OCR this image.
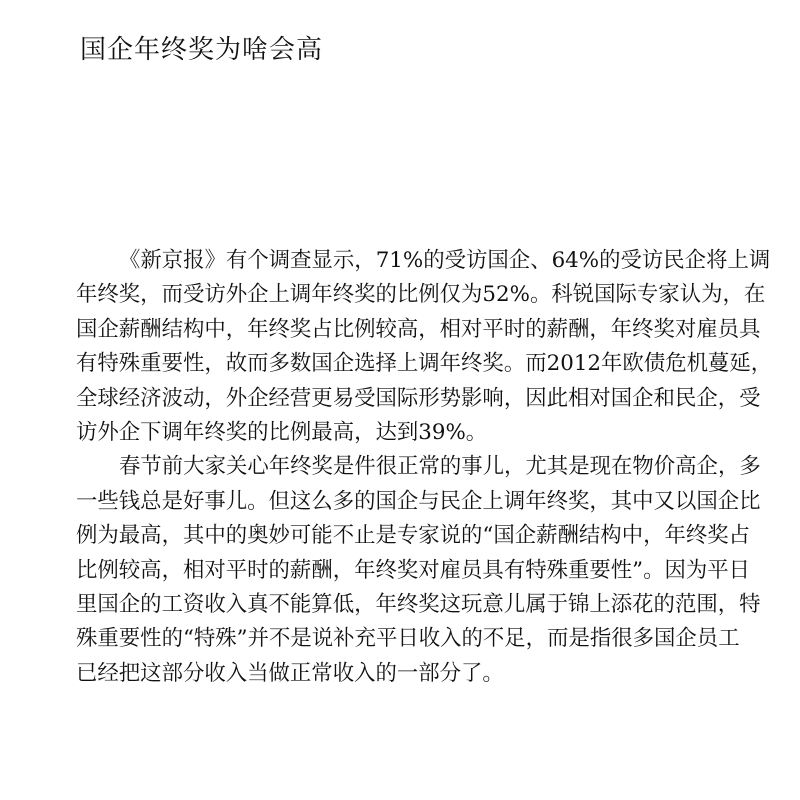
国企年终奖为啥会高
《新京报》有个调查显示，71%的受访国企、64%的受访民企将上调
年终奖，而受访外企上调年终奖的比例仅为52%。科锐国际专家认为，在
国企薪酬结构中，年终奖占比例较高，相对平时的薪酬，年终奖对雇员具
有特殊重要性，故而多数国企选择上调年终奖。而2012年欧债危机蔓延，
全球经济波动，外企经营更易受国际形势影响，因此相对国企和民企，受
访外企下调年终奖的比例最高，达到39%。
春节前大家关心年终奖是件很正常的事儿，尤其是现在物价高企，多
一些钱总是好事儿。但这么多的国企与民企上调年终奖，其中又以国企比
例为最高，其中的奥妙可能不止是专家说的“国企薪酬结构中，年终奖占
比例较高，相对平时的薪酬，年终奖对雇员具有特殊重要性”。因为平日
里国企的工资收入真不能算低，年终奖这玩意儿属于锦上添花的范围，特
殊重要性的“特殊”并不是说补充平日收入的不足，而是指很多国企员工
已经把这部分收入当做正常收入的一部分了。
